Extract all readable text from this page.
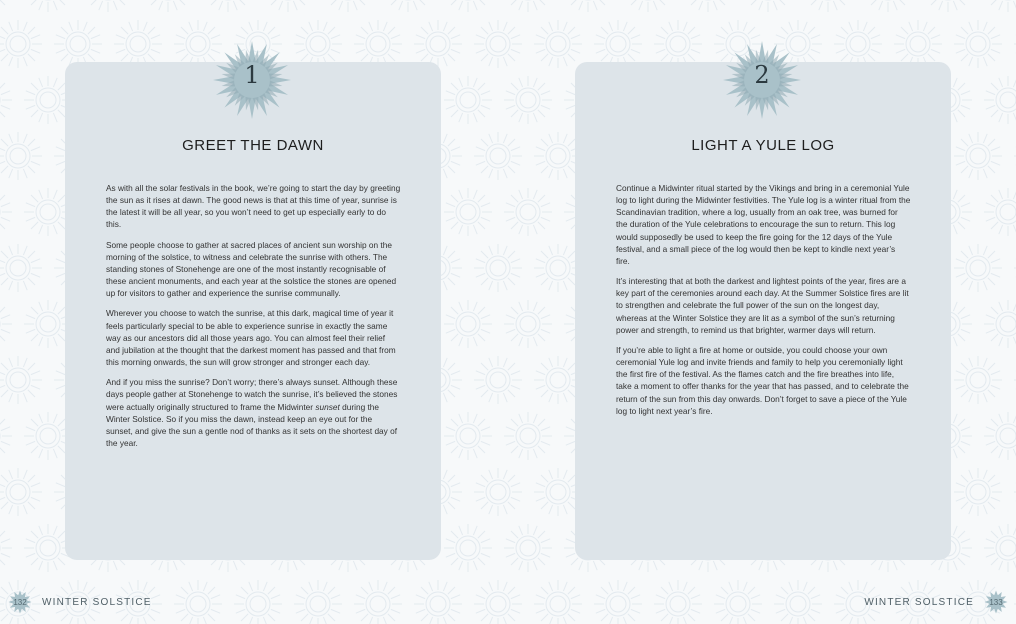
GREET THE DAWN

As with all the solar festivals in the book, we’re going to start the day by greeting the sun as it rises at dawn. The good news is that at this time of year, sunrise is the latest it will be all year, so you won’t need to get up especially early to do this.

Some people choose to gather at sacred places of ancient sun worship on the morning of the solstice, to witness and celebrate the sunrise with others. The standing stones of Stonehenge are one of the most instantly recognisable of these ancient monuments, and each year at the solstice the stones are opened up for visitors to gather and experience the sunrise communally.

Wherever you choose to watch the sunrise, at this dark, magical time of year it feels particularly special to be able to experience sunrise in exactly the same way as our ancestors did all those years ago. You can almost feel their relief and jubilation at the thought that the darkest moment has passed and that from this morning onwards, the sun will grow stronger and stronger each day.

And if you miss the sunrise? Don’t worry; there’s always sunset. Although these days people gather at Stonehenge to watch the sunrise, it’s believed the stones were actually originally structured to frame the Midwinter sunset during the Winter Solstice. So if you miss the dawn, instead keep an eye out for the sunset, and give the sun a gentle nod of thanks as it sets on the shortest day of the year.

LIGHT A YULE LOG

Continue a Midwinter ritual started by the Vikings and bring in a ceremonial Yule log to light during the Midwinter festivities. The Yule log is a winter ritual from the Scandinavian tradition, where a log, usually from an oak tree, was burned for the duration of the Yule celebrations to encourage the sun to return. This log would supposedly be used to keep the fire going for the 12 days of the Yule festival, and a small piece of the log would then be kept to kindle next year’s fire.

It’s interesting that at both the darkest and lightest points of the year, fires are a key part of the ceremonies around each day. At the Summer Solstice fires are lit to strengthen and celebrate the full power of the sun on the longest day, whereas at the Winter Solstice they are lit as a symbol of the sun’s returning power and strength, to remind us that brighter, warmer days will return.

If you’re able to light a fire at home or outside, you could choose your own ceremonial Yule log and invite friends and family to help you ceremonially light the first fire of the festival. As the flames catch and the fire breathes into life, take a moment to offer thanks for the year that has passed, and to celebrate the return of the sun from this day onwards. Don’t forget to save a piece of the Yule log to light next year’s fire.

1	2
132 WINTER SOLSTICE	WINTER SOLSTICE 133
